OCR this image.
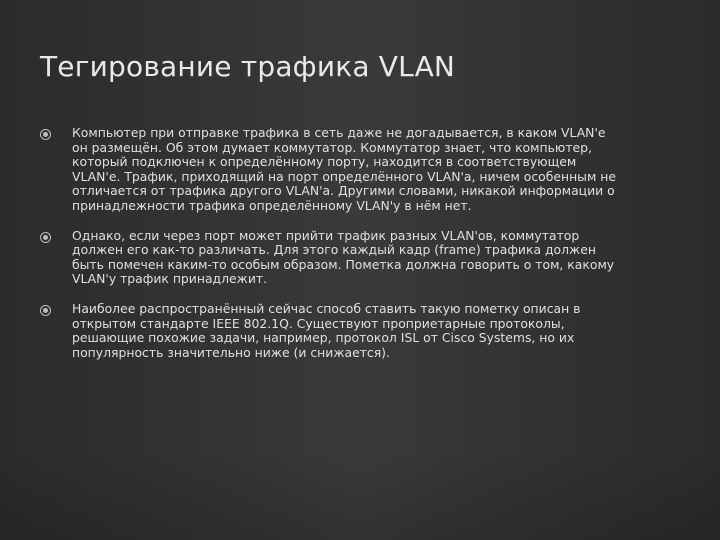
Тегирование трафика VLAN
Компьютер при отправке трафика в сеть даже не догадывается, в каком VLAN'е он размещён. Об этом думает коммутатор. Коммутатор знает, что компьютер, который подключен к определённому порту, находится в соответствующем VLAN'е. Трафик, приходящий на порт определённого VLAN'а, ничем особенным не отличается от трафика другого VLAN'а. Другими словами, никакой информации о принадлежности трафика определённому VLAN'у в нём нет.
Однако, если через порт может прийти трафик разных VLAN'ов, коммутатор должен его как-то различать. Для этого каждый кадр (frame) трафика должен быть помечен каким-то особым образом. Пометка должна говорить о том, какому VLAN'у трафик принадлежит.
Наиболее распространённый сейчас способ ставить такую пометку описан в открытом стандарте IEEE 802.1Q. Существуют проприетарные протоколы, решающие похожие задачи, например, протокол ISL от Cisco Systems, но их популярность значительно ниже (и снижается).
